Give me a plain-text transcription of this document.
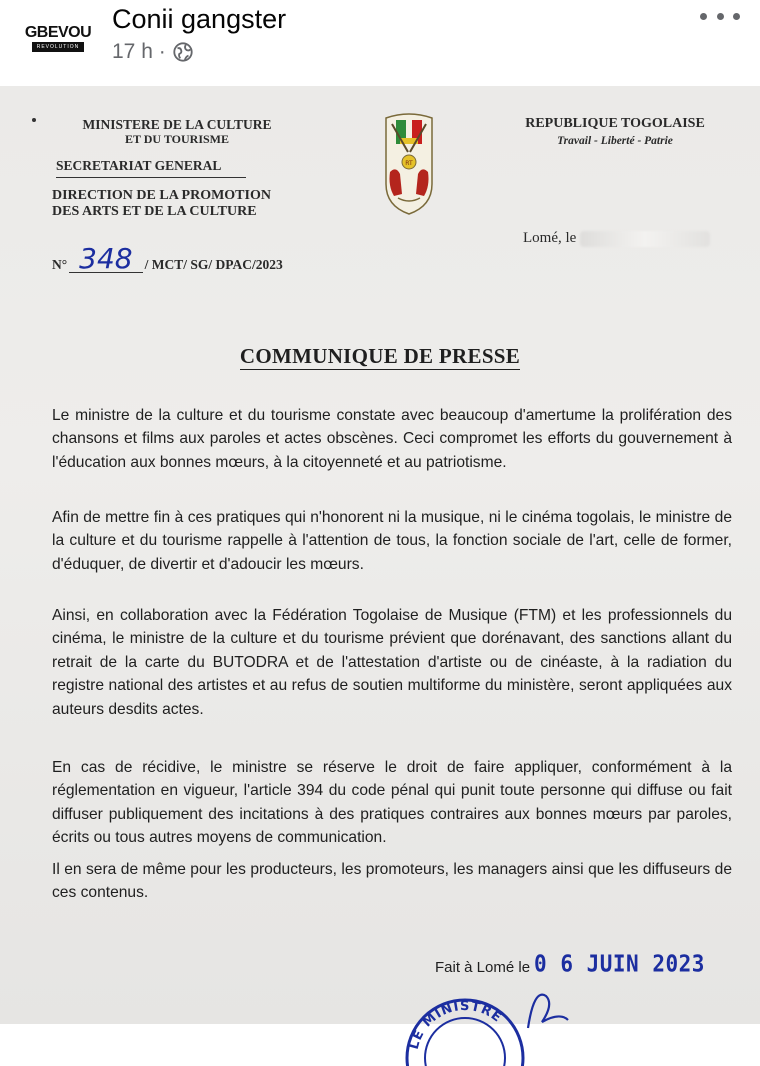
GBEVOU
REVOLUTION
Conii gangster
17 h ·
MINISTERE DE LA CULTURE
ET DU TOURISME
SECRETARIAT GENERAL
DIRECTION DE LA PROMOTION
DES ARTS ET DE LA CULTURE
N° 348 / MCT/ SG/ DPAC/2023
RT
REPUBLIQUE TOGOLAISE
Travail - Liberté - Patrie
Lomé, le
COMMUNIQUE DE PRESSE
Le ministre de la culture et du tourisme constate avec beaucoup d'amertume la prolifération des chansons et films aux paroles et actes obscènes. Ceci compromet les efforts du gouvernement à l'éducation aux bonnes mœurs, à la citoyenneté et au patriotisme.
Afin de mettre fin à ces pratiques qui n'honorent ni la musique, ni le cinéma togolais, le ministre de la culture et du tourisme rappelle à l'attention de tous, la fonction sociale de l'art, celle de former, d'éduquer, de divertir et d'adoucir les mœurs.
Ainsi, en collaboration avec la Fédération Togolaise de Musique (FTM) et les professionnels du cinéma, le ministre de la culture et du tourisme prévient que dorénavant, des sanctions allant du retrait de la carte du BUTODRA et de l'attestation d'artiste ou de cinéaste, à la radiation du registre national des artistes et au refus de soutien multiforme du ministère, seront appliquées aux auteurs desdits actes.
En cas de récidive, le ministre se réserve le droit de faire appliquer, conformément à la réglementation en vigueur, l'article 394 du code pénal qui punit toute personne qui diffuse ou fait diffuser publiquement des incitations à des pratiques contraires aux bonnes mœurs par paroles, écrits ou tous autres moyens de communication.
Il en sera de même pour les producteurs, les promoteurs, les managers ainsi que les diffuseurs de ces contenus.
Fait à Lomé le 0 6 JUIN 2023
LE MINISTRE
